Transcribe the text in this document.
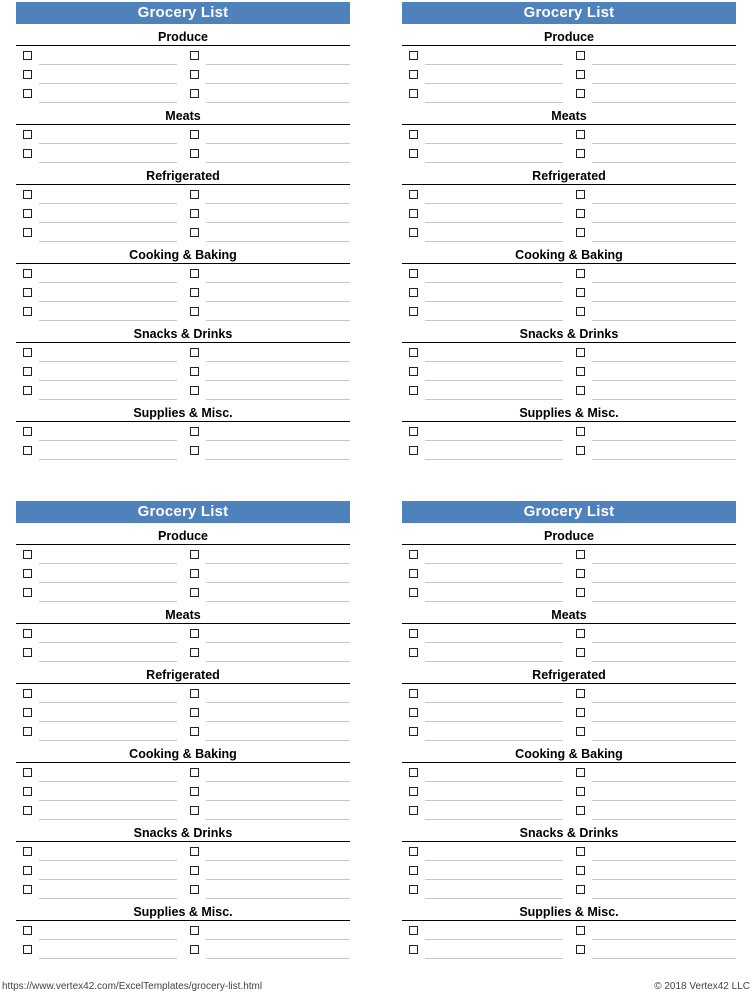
Grocery List
Produce
Meats
Refrigerated
Cooking & Baking
Snacks & Drinks
Supplies & Misc.
Grocery List
Produce
Meats
Refrigerated
Cooking & Baking
Snacks & Drinks
Supplies & Misc.
Grocery List
Produce
Meats
Refrigerated
Cooking & Baking
Snacks & Drinks
Supplies & Misc.
Grocery List
Produce
Meats
Refrigerated
Cooking & Baking
Snacks & Drinks
Supplies & Misc.
https://www.vertex42.com/ExcelTemplates/grocery-list.html	© 2018 Vertex42 LLC
